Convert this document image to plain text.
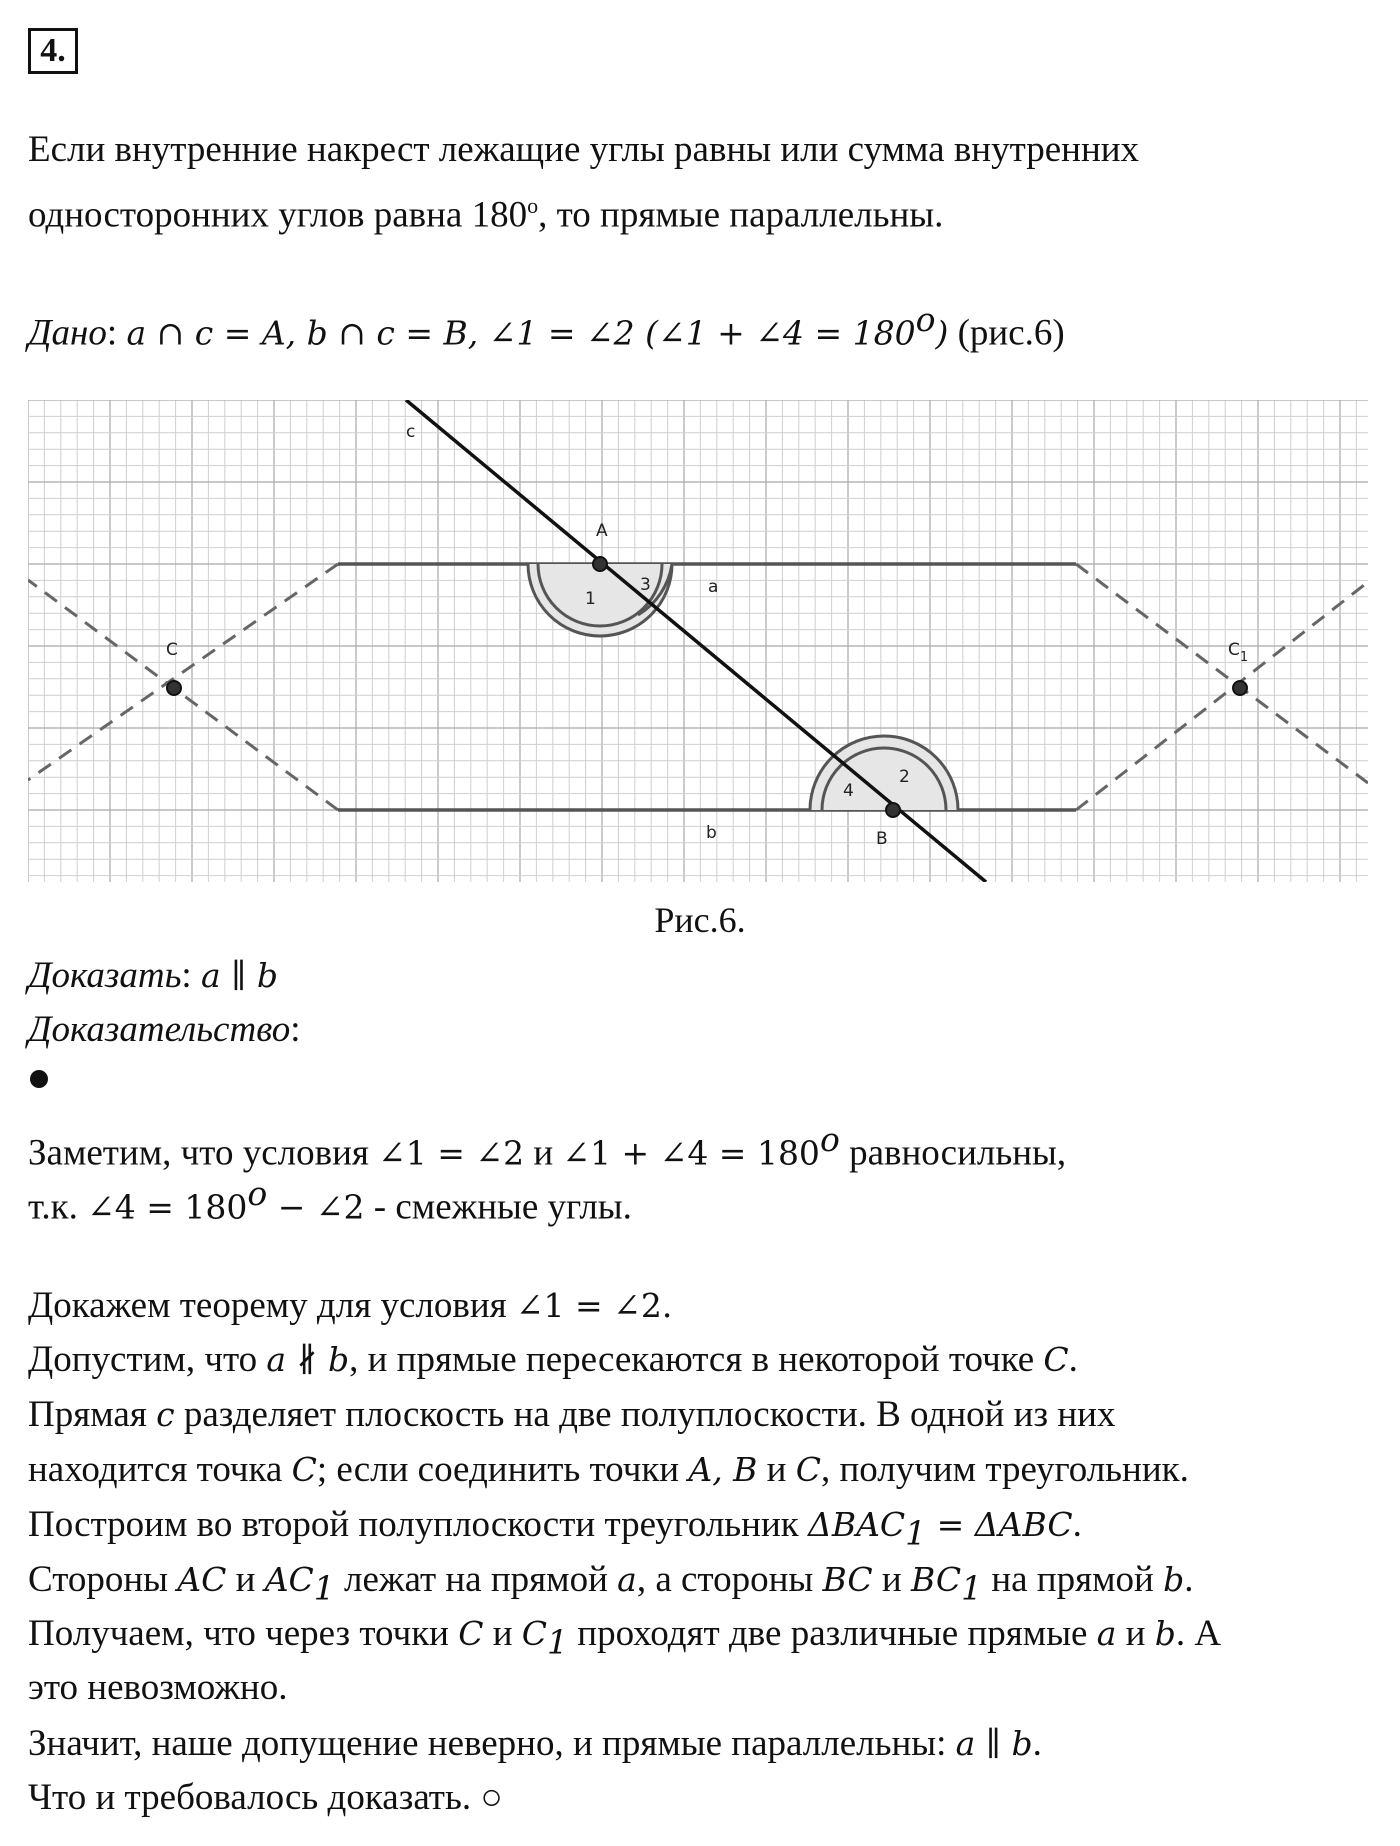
4.
Если внутренние накрест лежащие углы равны или сумма внутренних
односторонних углов равна 180$^o$, то прямые параллельны.
Дано: a ∩ c = A, b ∩ c = B, ∠1 = ∠2 (∠1 + ∠4 = $180^o$) (рис.6)
c
A
1
3	a
C	$C_1$
4
2
b	B
Рис.6.
Доказать: a ∥ b
Доказательство:
Заметим, что условия ∠1 = ∠2 и ∠1 + ∠4 = $180^o$ равносильны,
т.к. ∠4 = $180^o$ − ∠2 - смежные углы.
Докажем теорему для условия ∠1 = ∠2.
Допустим, что a ∦ b, и прямые пересекаются в некоторой точке C.
Прямая c разделяет плоскость на две полуплоскости. В одной из них
находится точка C; если соединить точки A, B и C, получим треугольник.
Построим во второй полуплоскости треугольник $\Delta BAC_1 = \Delta ABC$.
Стороны AC и $AC_1$ лежат на прямой a, а стороны BC и $BC_1$ на прямой b.
Получаем, что через точки C и $C_1$ проходят две различные прямые a и b. А
это невозможно.
Значит, наше допущение неверно, и прямые параллельны: a ∥ b.
Что и требовалось доказать. ○
